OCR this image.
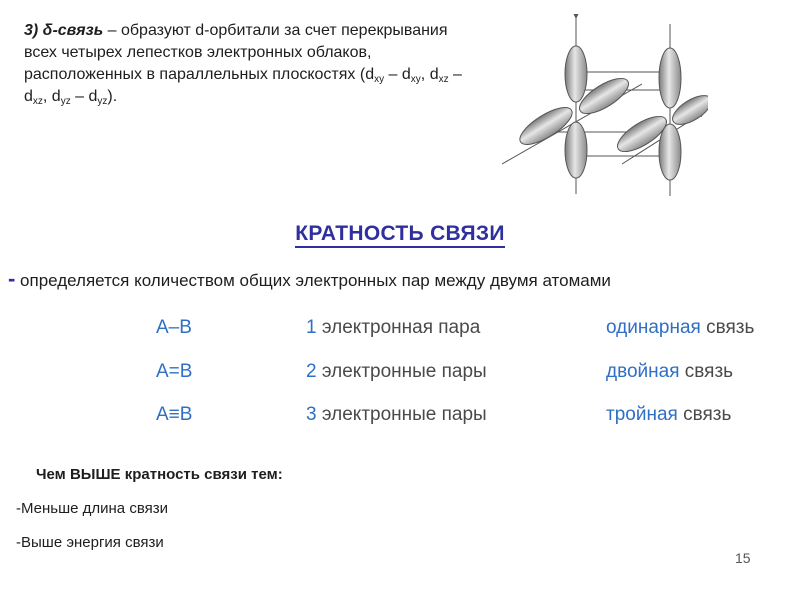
3) δ-связь – образуют d-орбитали за счет перекрывания всех четырех лепестков электронных облаков, расположенных в параллельных плоскостях ($d_{xy} - d_{xy}$, $d_{xz} - d_{xz}$, $d_{yz} - d_{yz}$).
КРАТНОСТЬ СВЯЗИ
- определяется количеством общих электронных пар между двумя атомами
A–B	1 электронная пара	одинарная связь
A=B	2 электронные пары	двойная связь
A≡B	3 электронные пары	тройная связь
Чем ВЫШЕ кратность связи тем:
-Меньше длина связи
-Выше энергия связи
15
